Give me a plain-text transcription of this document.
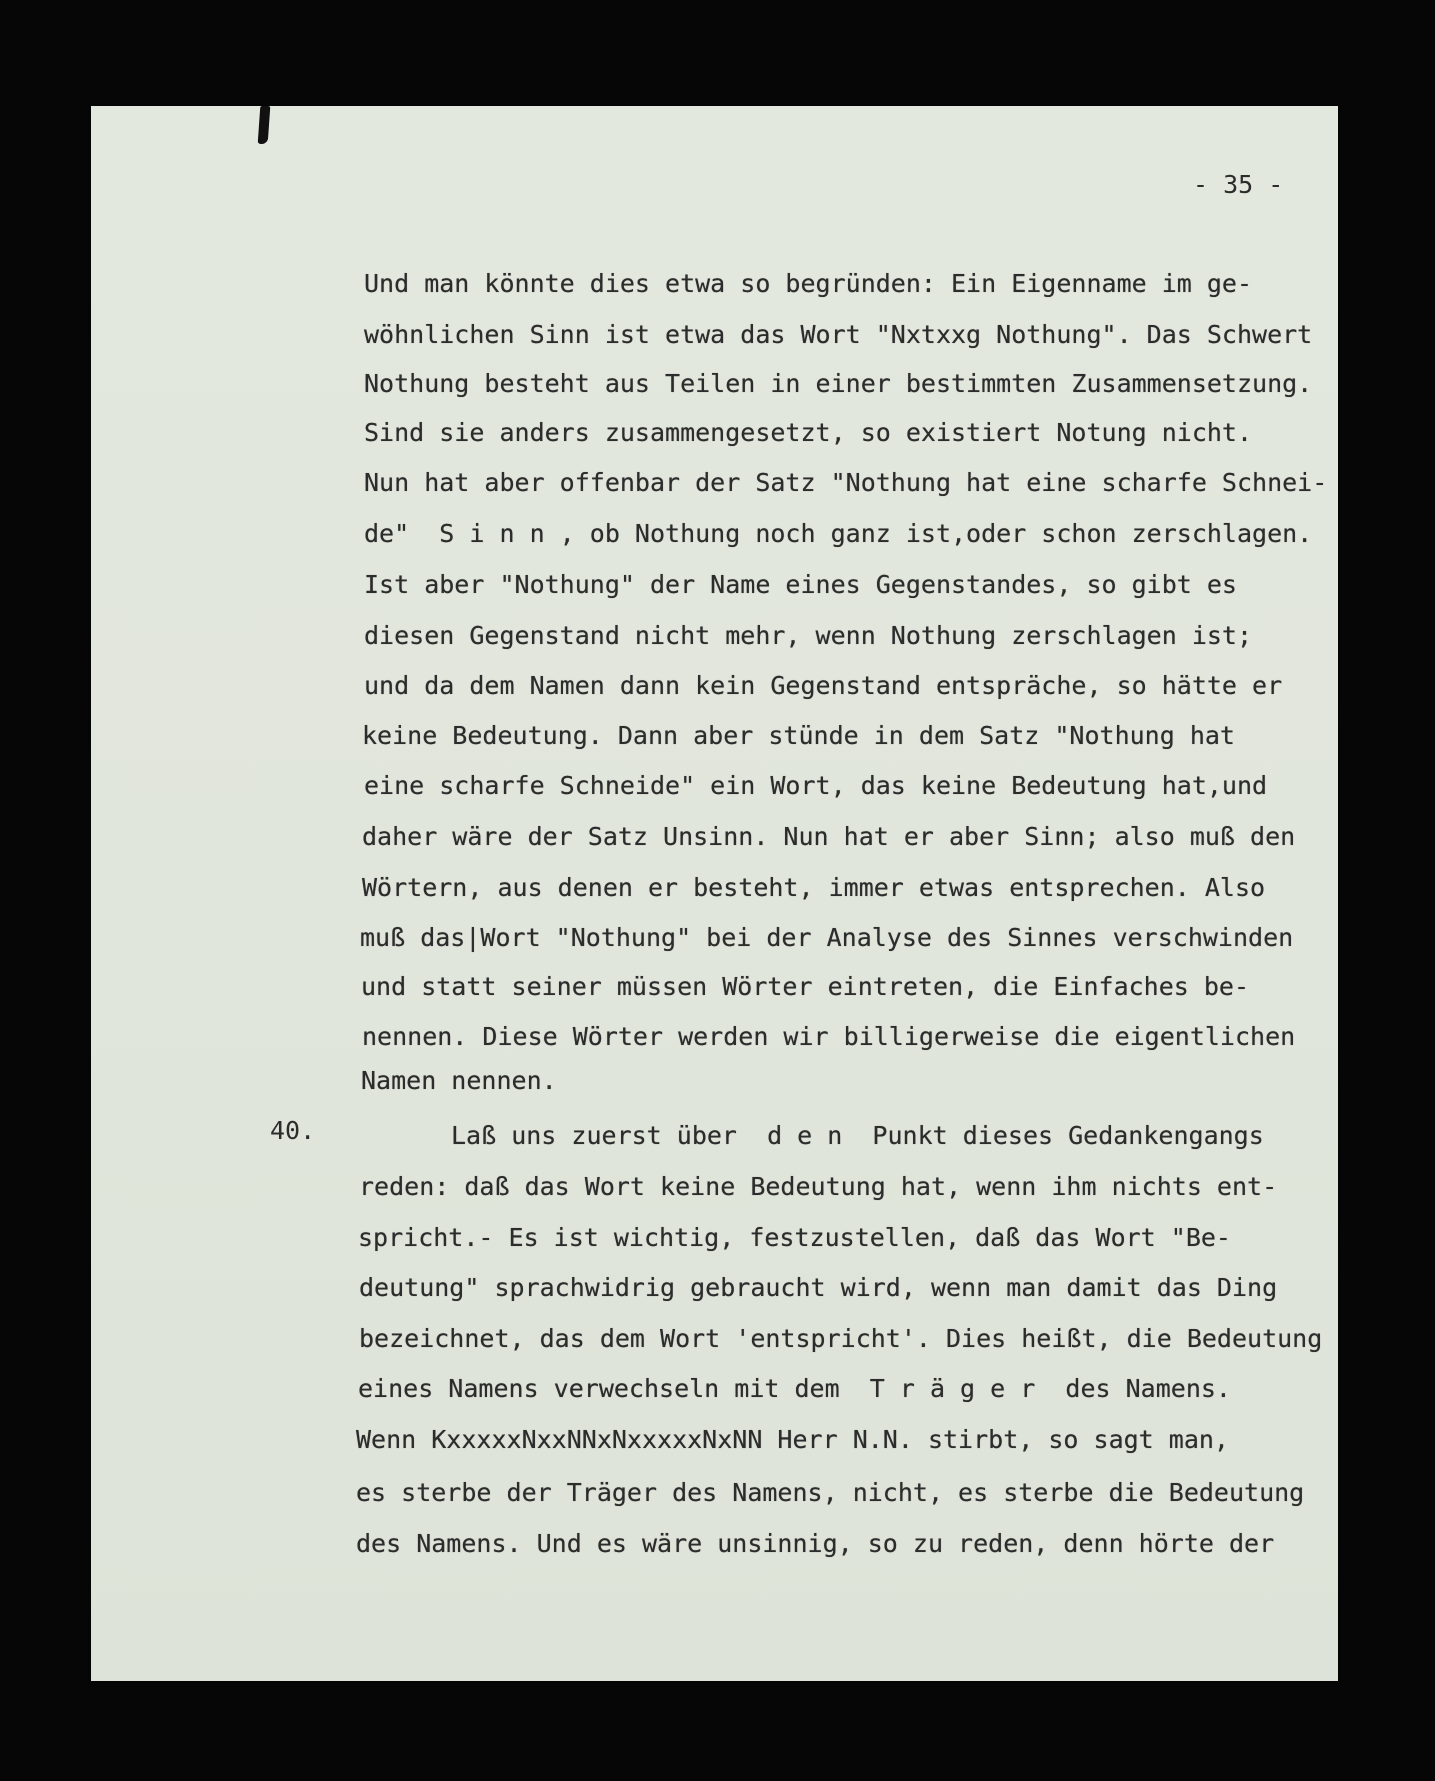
- 35 -
Und man könnte dies etwa so begründen: Ein Eigenname im ge-
wöhnlichen Sinn ist etwa das Wort "Nxtxxg Nothung". Das Schwert
Nothung besteht aus Teilen in einer bestimmten Zusammensetzung.
Sind sie anders zusammengesetzt, so existiert Notung nicht.
Nun hat aber offenbar der Satz "Nothung hat eine scharfe Schnei-
de"  S i n n , ob Nothung noch ganz ist,oder schon zerschlagen.
Ist aber "Nothung" der Name eines Gegenstandes, so gibt es
diesen Gegenstand nicht mehr, wenn Nothung zerschlagen ist;
und da dem Namen dann kein Gegenstand entspräche, so hätte er
keine Bedeutung. Dann aber stünde in dem Satz "Nothung hat
eine scharfe Schneide" ein Wort, das keine Bedeutung hat,und
daher wäre der Satz Unsinn. Nun hat er aber Sinn; also muß den
Wörtern, aus denen er besteht, immer etwas entsprechen. Also
muß das|Wort "Nothung" bei der Analyse des Sinnes verschwinden
und statt seiner müssen Wörter eintreten, die Einfaches be-
nennen. Diese Wörter werden wir billigerweise die eigentlichen
Namen nennen.
40.	Laß uns zuerst über  d e n  Punkt dieses Gedankengangs
reden: daß das Wort keine Bedeutung hat, wenn ihm nichts ent-
spricht.- Es ist wichtig, festzustellen, daß das Wort "Be-
deutung" sprachwidrig gebraucht wird, wenn man damit das Ding
bezeichnet, das dem Wort 'entspricht'. Dies heißt, die Bedeutung
eines Namens verwechseln mit dem  T r ä g e r  des Namens.
Wenn KxxxxxNxxNNxNxxxxxNxNN Herr N.N. stirbt, so sagt man,
es sterbe der Träger des Namens, nicht, es sterbe die Bedeutung
des Namens. Und es wäre unsinnig, so zu reden, denn hörte der
